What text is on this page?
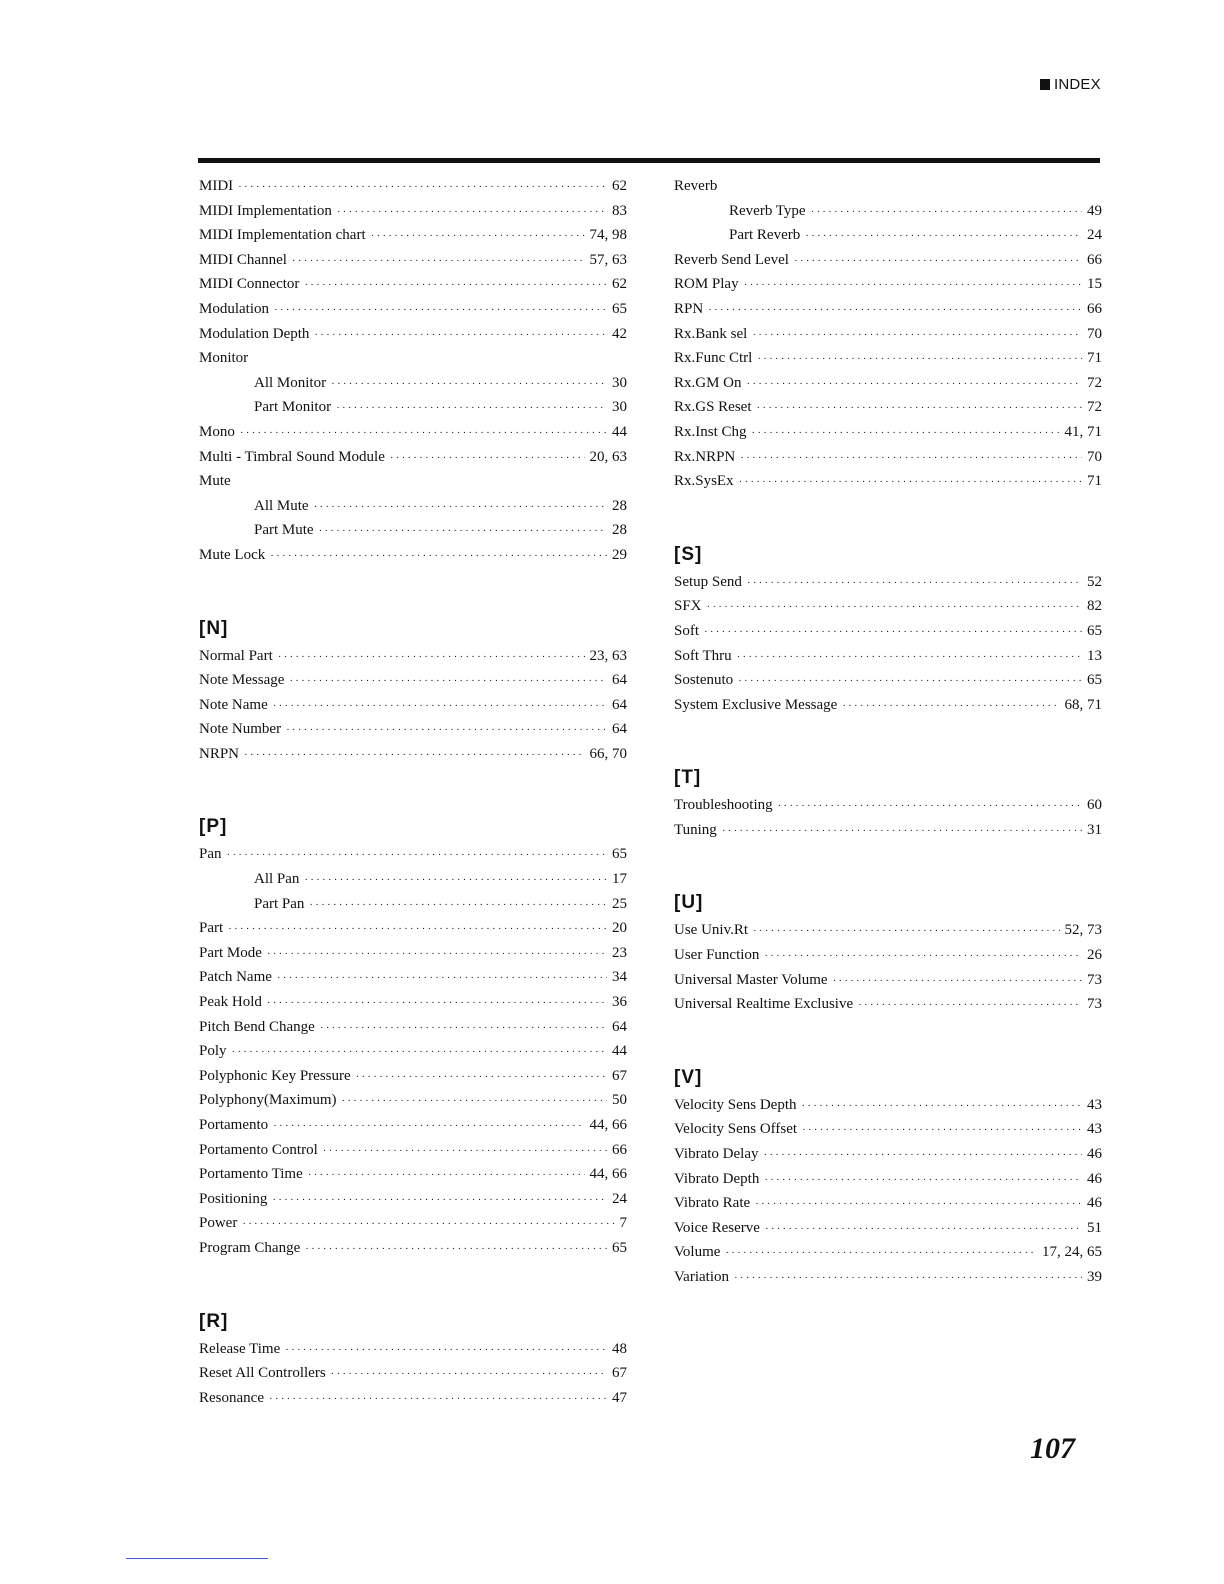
INDEX
MIDI ·····	62
MIDI Implementation ·····	83
MIDI Implementation chart ·····	74, 98
MIDI Channel ·····	57, 63
MIDI Connector ·····	62
Modulation ·····	65
Modulation Depth ·····	42
Monitor
All Monitor ·····	30
Part Monitor ·····	30
Mono ·····	44
Multi - Timbral Sound Module ·····	20, 63
Mute
All Mute ·····	28
Part Mute ·····	28
Mute Lock ·····	29
[N]
Normal Part ·····	23, 63
Note Message ·····	64
Note Name ·····	64
Note Number ·····	64
NRPN ·····	66, 70
[P]
Pan ·····	65
All Pan ·····	17
Part Pan ·····	25
Part ·····	20
Part Mode ·····	23
Patch Name ·····	34
Peak Hold ·····	36
Pitch Bend Change ·····	64
Poly ·····	44
Polyphonic Key Pressure ·····	67
Polyphony(Maximum) ·····	50
Portamento ·····	44, 66
Portamento Control ·····	66
Portamento Time ·····	44, 66
Positioning ·····	24
Power ·····	7
Program Change ·····	65
[R]
Release Time ·····	48
Reset All Controllers ·····	67
Resonance ·····	47
Reverb
Reverb Type ·····	49
Part Reverb ·····	24
Reverb Send Level ·····	66
ROM Play ·····	15
RPN ·····	66
Rx.Bank sel ·····	70
Rx.Func Ctrl ·····	71
Rx.GM On ·····	72
Rx.GS Reset ·····	72
Rx.Inst Chg ·····	41, 71
Rx.NRPN ·····	70
Rx.SysEx ·····	71
[S]
Setup Send ·····	52
SFX ·····	82
Soft ·····	65
Soft Thru ·····	13
Sostenuto ·····	65
System Exclusive Message ·····	68, 71
[T]
Troubleshooting ·····	60
Tuning ·····	31
[U]
Use Univ.Rt ·····	52, 73
User Function ·····	26
Universal Master Volume ·····	73
Universal Realtime Exclusive ·····	73
[V]
Velocity Sens Depth ·····	43
Velocity Sens Offset ·····	43
Vibrato Delay ·····	46
Vibrato Depth ·····	46
Vibrato Rate ·····	46
Voice Reserve ·····	51
Volume ·····	17, 24, 65
Variation ·····	39
107
